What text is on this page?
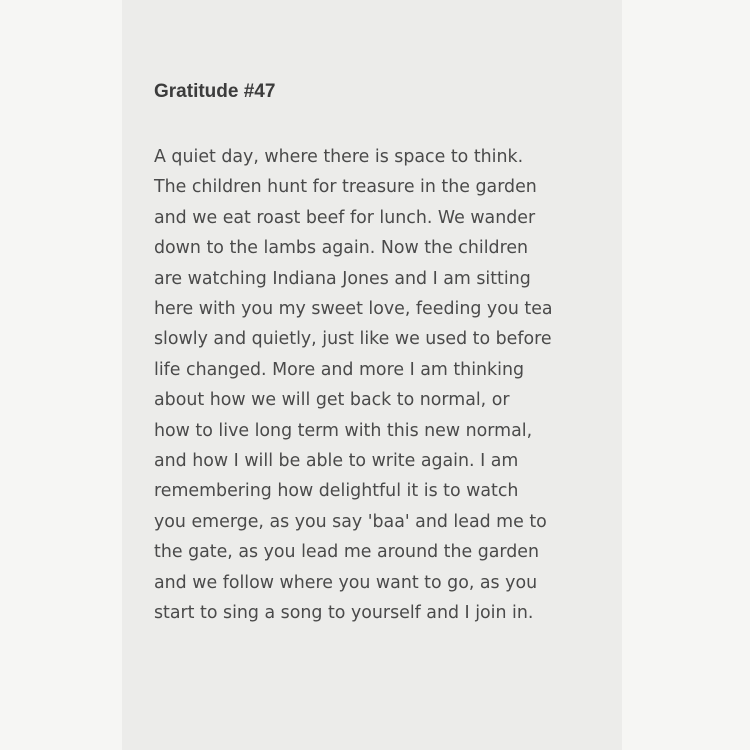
Gratitude #47
A quiet day, where there is space to think.
The children hunt for treasure in the garden
and we eat roast beef for lunch. We wander
down to the lambs again. Now the children
are watching Indiana Jones and I am sitting
here with you my sweet love, feeding you tea
slowly and quietly, just like we used to before
life changed. More and more I am thinking
about how we will get back to normal, or
how to live long term with this new normal,
and how I will be able to write again. I am
remembering how delightful it is to watch
you emerge, as you say 'baa' and lead me to
the gate, as you lead me around the garden
and we follow where you want to go, as you
start to sing a song to yourself and I join in.
